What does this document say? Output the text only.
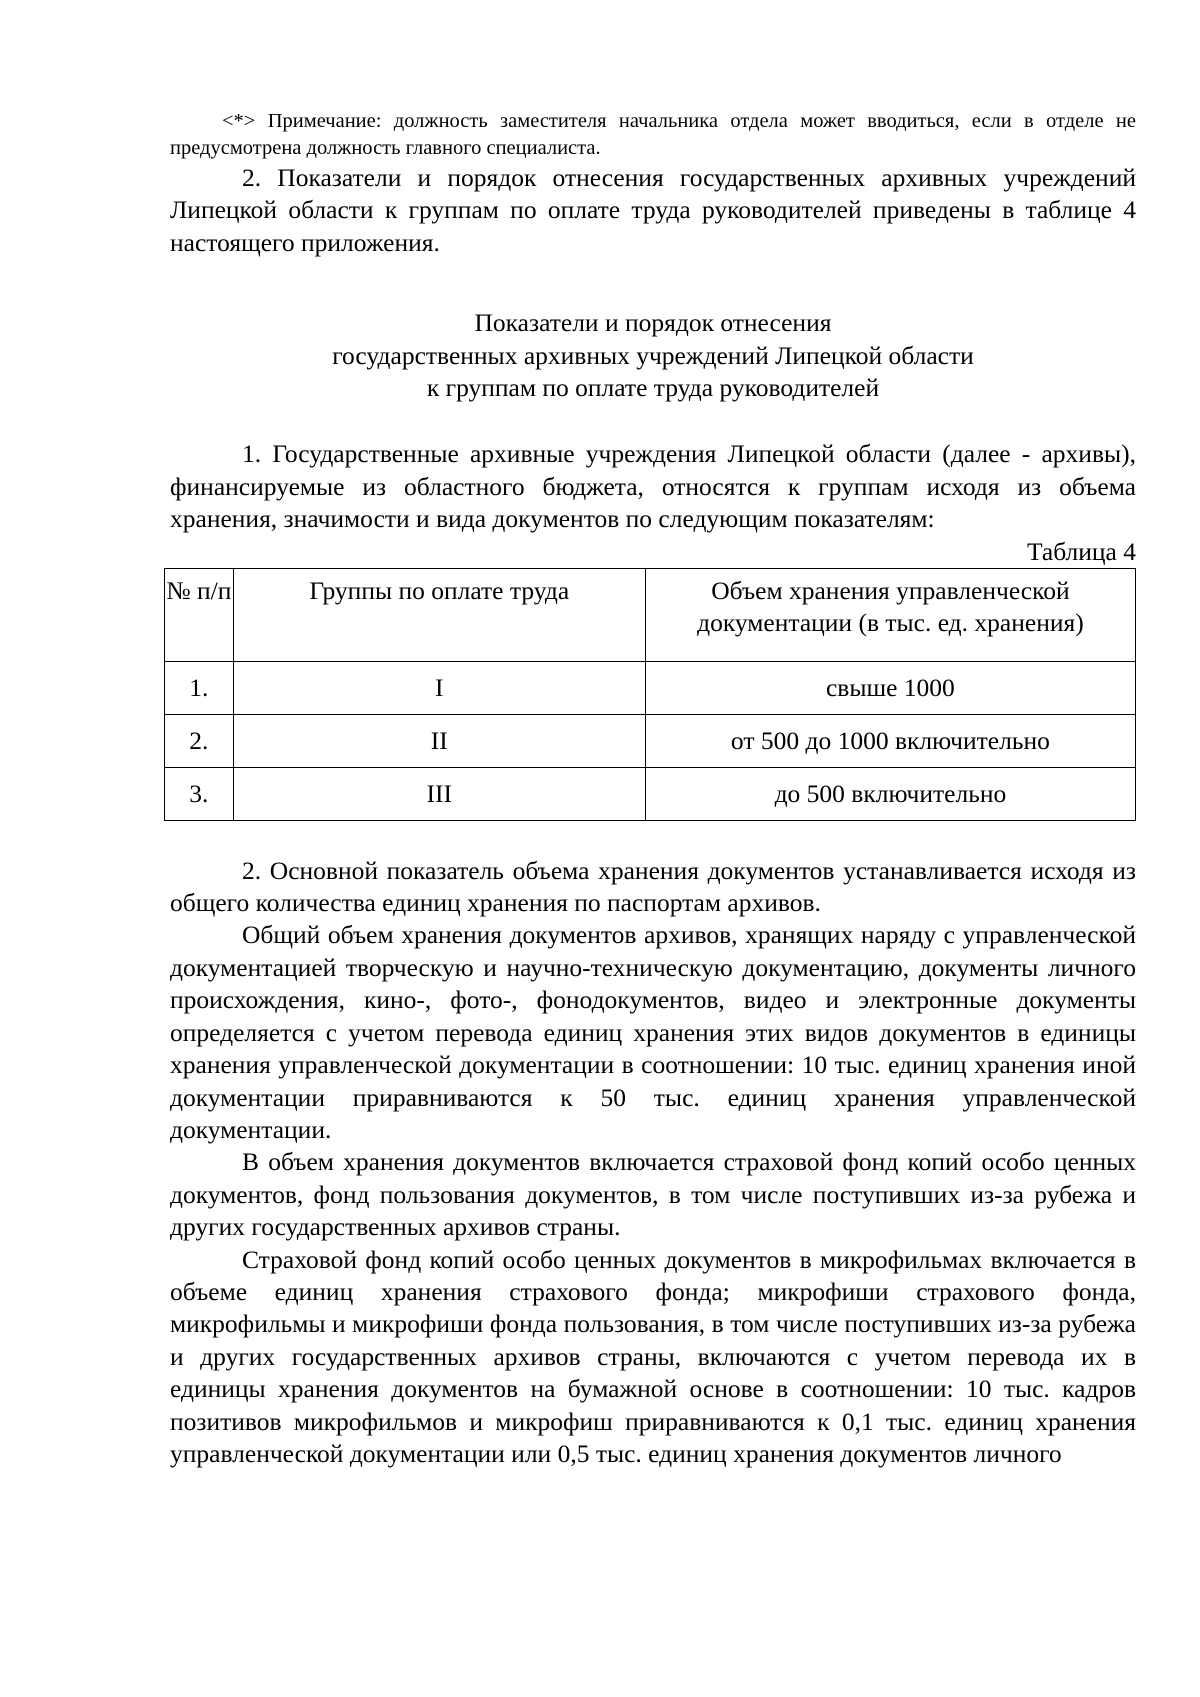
<*> Примечание: должность заместителя начальника отдела может вводиться, если в отделе не предусмотрена должность главного специалиста.

2. Показатели и порядок отнесения государственных архивных учреждений Липецкой области к группам по оплате труда руководителей приведены в таблице 4 настоящего приложения.

Показатели и порядок отнесения
государственных архивных учреждений Липецкой области
к группам по оплате труда руководителей

1. Государственные архивные учреждения Липецкой области (далее - архивы), финансируемые из областного бюджета, относятся к группам исходя из объема хранения, значимости и вида документов по следующим показателям:

Таблица 4

№ п/п	Группы по оплате труда	Объем хранения управленческой документации (в тыс. ед. хранения)
1.	I	свыше 1000
2.	II	от 500 до 1000 включительно
3.	III	до 500 включительно

2. Основной показатель объема хранения документов устанавливается исходя из общего количества единиц хранения по паспортам архивов.

Общий объем хранения документов архивов, хранящих наряду с управленческой документацией творческую и научно-техническую документацию, документы личного происхождения, кино-, фото-, фонодокументов, видео и электронные документы определяется с учетом перевода единиц хранения этих видов документов в единицы хранения управленческой документации в соотношении: 10 тыс. единиц хранения иной документации приравниваются к 50 тыс. единиц хранения управленческой документации.

В объем хранения документов включается страховой фонд копий особо ценных документов, фонд пользования документов, в том числе поступивших из-за рубежа и других государственных архивов страны.

Страховой фонд копий особо ценных документов в микрофильмах включается в объеме единиц хранения страхового фонда; микрофиши страхового фонда, микрофильмы и микрофиши фонда пользования, в том числе поступивших из-за рубежа и других государственных архивов страны, включаются с учетом перевода их в единицы хранения документов на бумажной основе в соотношении: 10 тыс. кадров позитивов микрофильмов и микрофиш приравниваются к 0,1 тыс. единиц хранения управленческой документации или 0,5 тыс. единиц хранения документов личного
